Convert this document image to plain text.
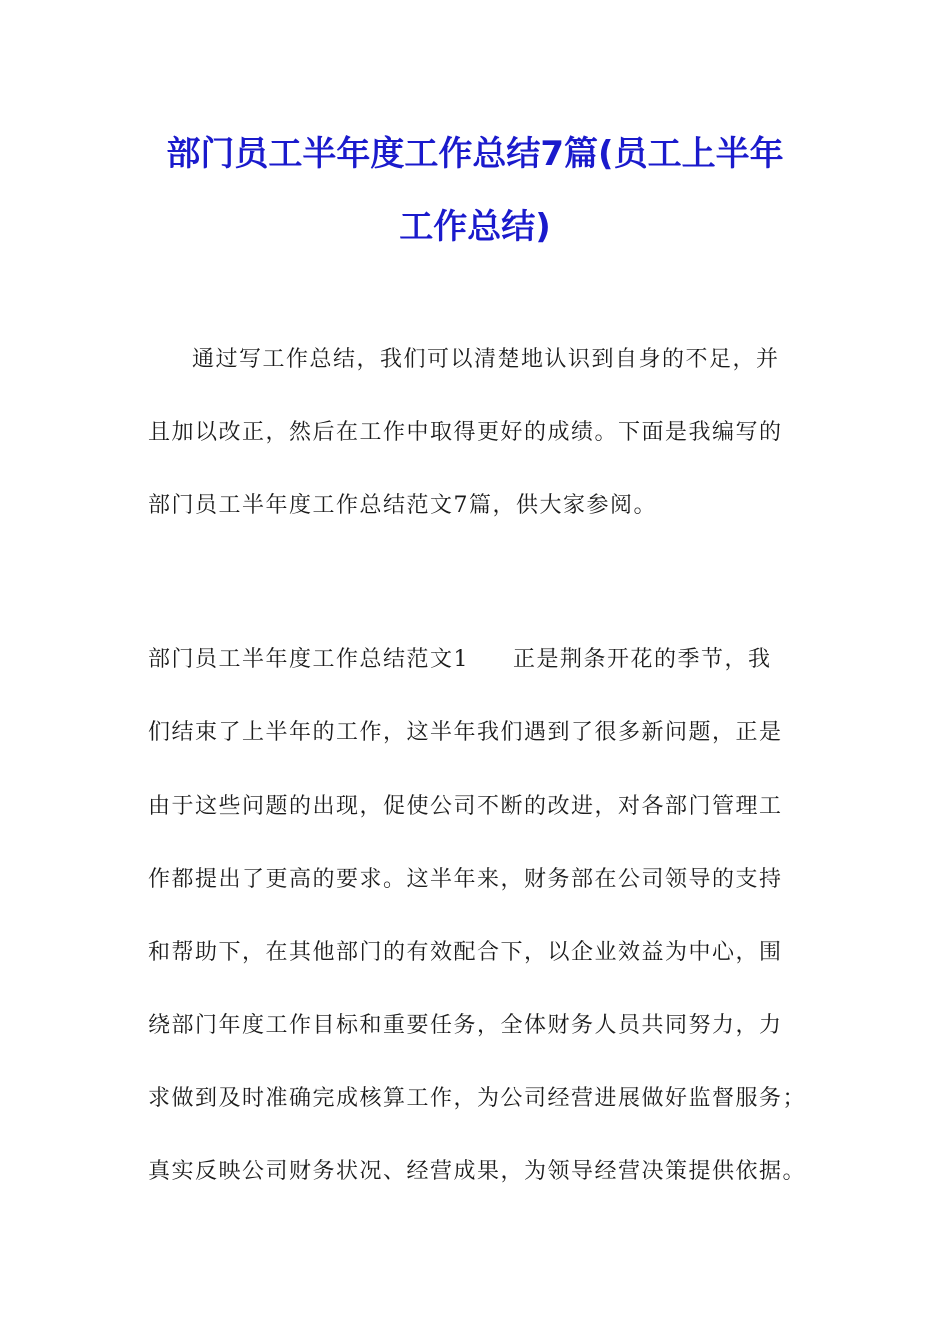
部门员工半年度工作总结7篇(员工上半年
工作总结)
通过写工作总结，我们可以清楚地认识到自身的不足，并
且加以改正，然后在工作中取得更好的成绩。下面是我编写的
部门员工半年度工作总结范文7篇，供大家参阅。
部门员工半年度工作总结范文1 正是荆条开花的季节，我
们结束了上半年的工作，这半年我们遇到了很多新问题，正是
由于这些问题的出现，促使公司不断的改进，对各部门管理工
作都提出了更高的要求。这半年来，财务部在公司领导的支持
和帮助下，在其他部门的有效配合下，以企业效益为中心，围
绕部门年度工作目标和重要任务，全体财务人员共同努力，力
求做到及时准确完成核算工作，为公司经营进展做好监督服务；
真实反映公司财务状况、经营成果，为领导经营决策提供依据。
